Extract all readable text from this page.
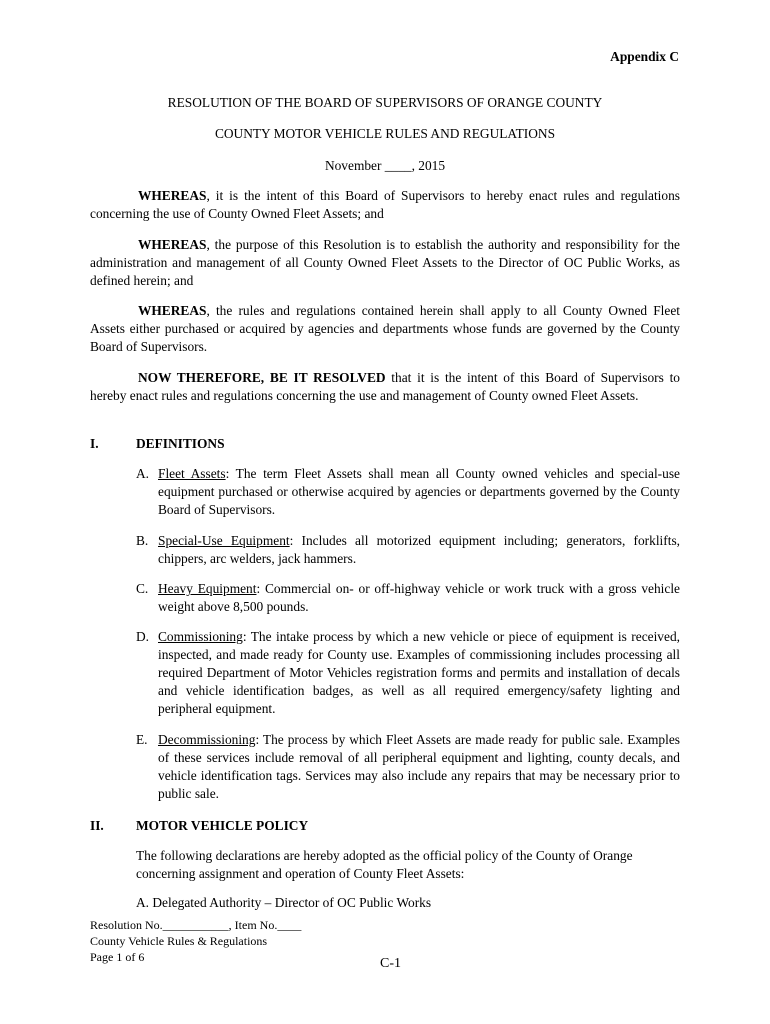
Appendix C
RESOLUTION OF THE BOARD OF SUPERVISORS OF ORANGE COUNTY
COUNTY MOTOR VEHICLE RULES AND REGULATIONS
November ____, 2015
WHEREAS, it is the intent of this Board of Supervisors to hereby enact rules and regulations concerning the use of County Owned Fleet Assets; and
WHEREAS, the purpose of this Resolution is to establish the authority and responsibility for the administration and management of all County Owned Fleet Assets to the Director of OC Public Works, as defined herein; and
WHEREAS, the rules and regulations contained herein shall apply to all County Owned Fleet Assets either purchased or acquired by agencies and departments whose funds are governed by the County Board of Supervisors.
NOW THEREFORE, BE IT RESOLVED that it is the intent of this Board of Supervisors to hereby enact rules and regulations concerning the use and management of County owned Fleet Assets.
I.	DEFINITIONS
A. Fleet Assets: The term Fleet Assets shall mean all County owned vehicles and special-use equipment purchased or otherwise acquired by agencies or departments governed by the County Board of Supervisors.
B. Special-Use Equipment: Includes all motorized equipment including; generators, forklifts, chippers, arc welders, jack hammers.
C. Heavy Equipment: Commercial on- or off-highway vehicle or work truck with a gross vehicle weight above 8,500 pounds.
D. Commissioning: The intake process by which a new vehicle or piece of equipment is received, inspected, and made ready for County use. Examples of commissioning includes processing all required Department of Motor Vehicles registration forms and permits and installation of decals and vehicle identification badges, as well as all required emergency/safety lighting and peripheral equipment.
E. Decommissioning: The process by which Fleet Assets are made ready for public sale. Examples of these services include removal of all peripheral equipment and lighting, county decals, and vehicle identification tags. Services may also include any repairs that may be necessary prior to public sale.
II. MOTOR VEHICLE POLICY
The following declarations are hereby adopted as the official policy of the County of Orange concerning assignment and operation of County Fleet Assets:
A. Delegated Authority – Director of OC Public Works
Resolution No.___________, Item No.____
County Vehicle Rules & Regulations
Page 1 of 6	C-1
